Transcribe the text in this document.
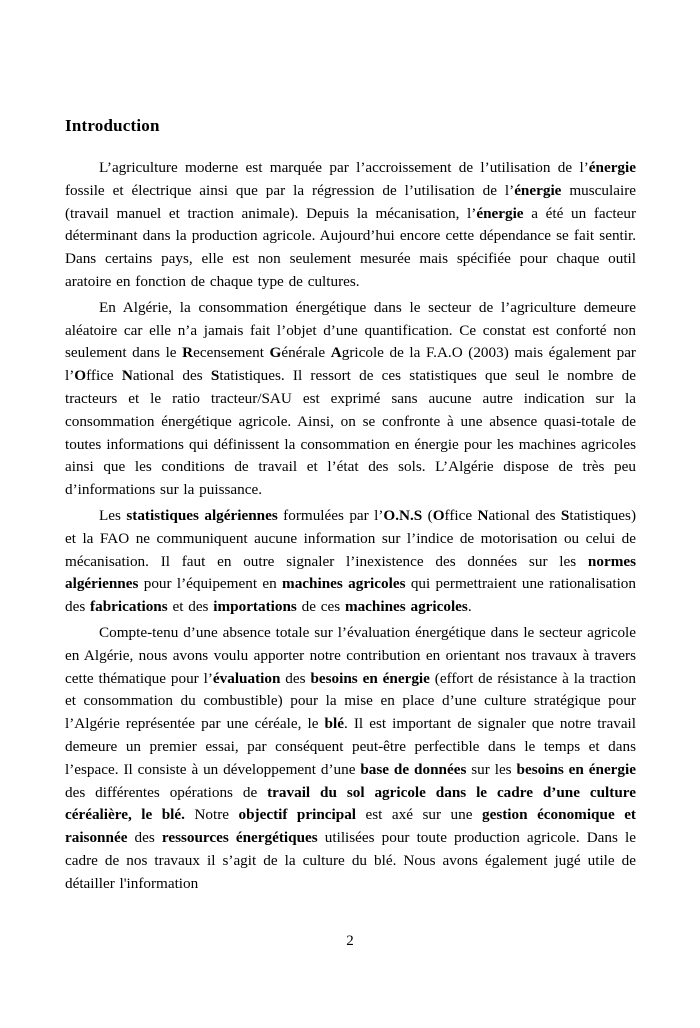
Introduction

L’agriculture moderne est marquée par l’accroissement de l’utilisation de l’énergie fossile et électrique ainsi que par la régression de l’utilisation de l’énergie musculaire (travail manuel et traction animale). Depuis la mécanisation, l’énergie a été un facteur déterminant dans la production agricole. Aujourd’hui encore cette dépendance se fait sentir. Dans certains pays, elle est non seulement mesurée mais spécifiée pour chaque outil aratoire en fonction de chaque type de cultures.

En Algérie, la consommation énergétique dans le secteur de l’agriculture demeure aléatoire car elle n’a jamais fait l’objet d’une quantification. Ce constat est conforté non seulement dans le Recensement Générale Agricole de la F.A.O (2003) mais également par l’Office National des Statistiques. Il ressort de ces statistiques que seul le nombre de tracteurs et le ratio tracteur/SAU est exprimé sans aucune autre indication sur la consommation énergétique agricole. Ainsi, on se confronte à une absence quasi-totale de toutes informations qui définissent la consommation en énergie pour les machines agricoles ainsi que les conditions de travail et l’état des sols. L’Algérie dispose de très peu d’informations sur la puissance.

Les statistiques algériennes formulées par l’O.N.S (Office National des Statistiques) et la FAO ne communiquent aucune information sur l’indice de motorisation ou celui de mécanisation. Il faut en outre signaler l’inexistence des données sur les normes algériennes pour l’équipement en machines agricoles qui permettraient une rationalisation des fabrications et des importations de ces machines agricoles.

Compte-tenu d’une absence totale sur l’évaluation énergétique dans le secteur agricole en Algérie, nous avons voulu apporter notre contribution en orientant nos travaux à travers cette thématique pour l’évaluation des besoins en énergie (effort de résistance à la traction et consommation du combustible) pour la mise en place d’une culture stratégique pour l’Algérie représentée par une céréale, le blé. Il est important de signaler que notre travail demeure un premier essai, par conséquent peut-être perfectible dans le temps et dans l’espace. Il consiste à un développement d’une base de données sur les besoins en énergie des différentes opérations de travail du sol agricole dans le cadre d’une culture céréalière, le blé. Notre objectif principal est axé sur une gestion économique et raisonnée des ressources énergétiques utilisées pour toute production agricole. Dans le cadre de nos travaux il s’agit de la culture du blé. Nous avons également jugé utile de détailler l'information

2
